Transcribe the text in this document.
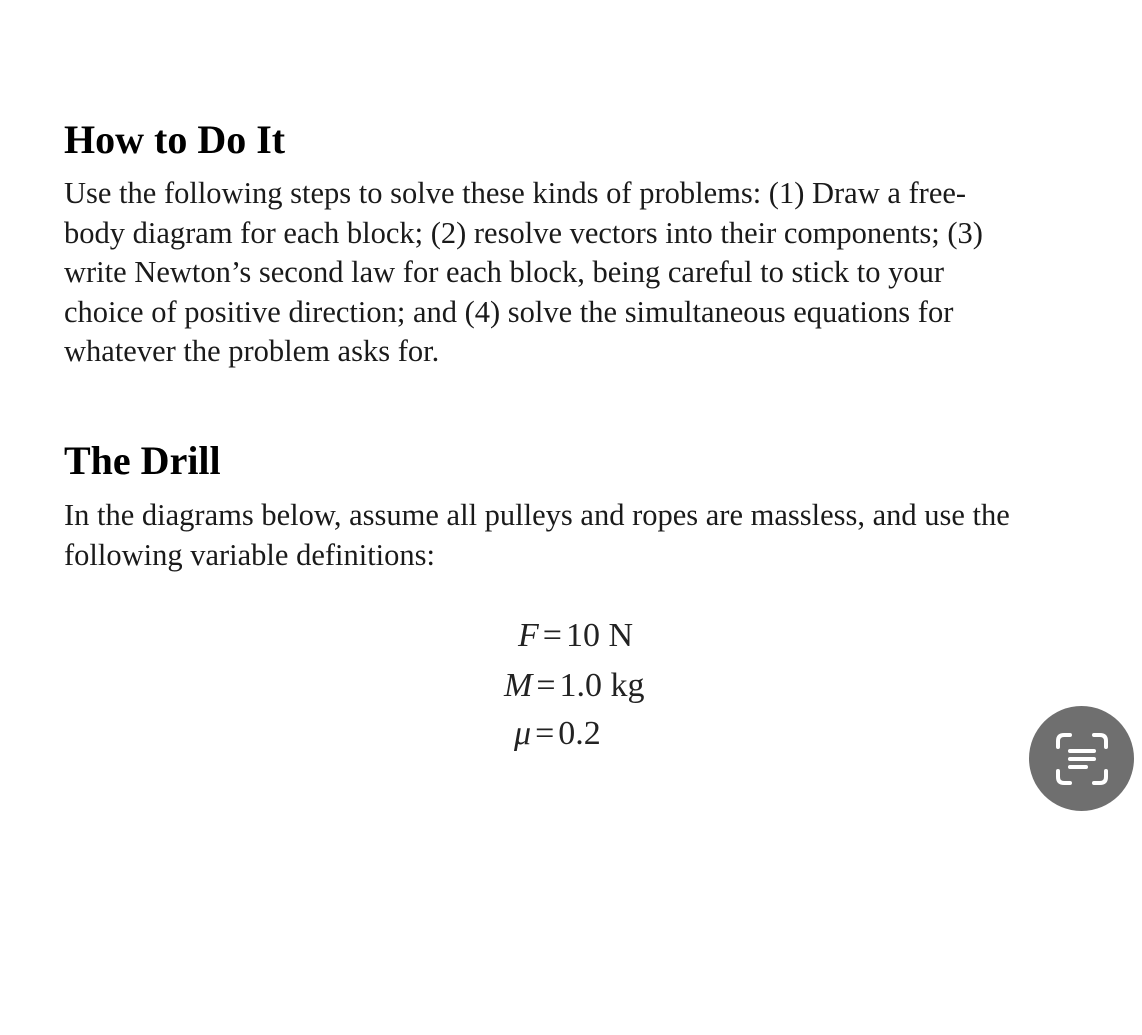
How to Do It

Use the following steps to solve these kinds of problems: (1) Draw a free-
body diagram for each block; (2) resolve vectors into their components; (3)
write Newton’s second law for each block, being careful to stick to your
choice of positive direction; and (4) solve the simultaneous equations for
whatever the problem asks for.

The Drill

In the diagrams below, assume all pulleys and ropes are massless, and use the
following variable definitions:

F = 10 N
M = 1.0 kg
μ = 0.2
